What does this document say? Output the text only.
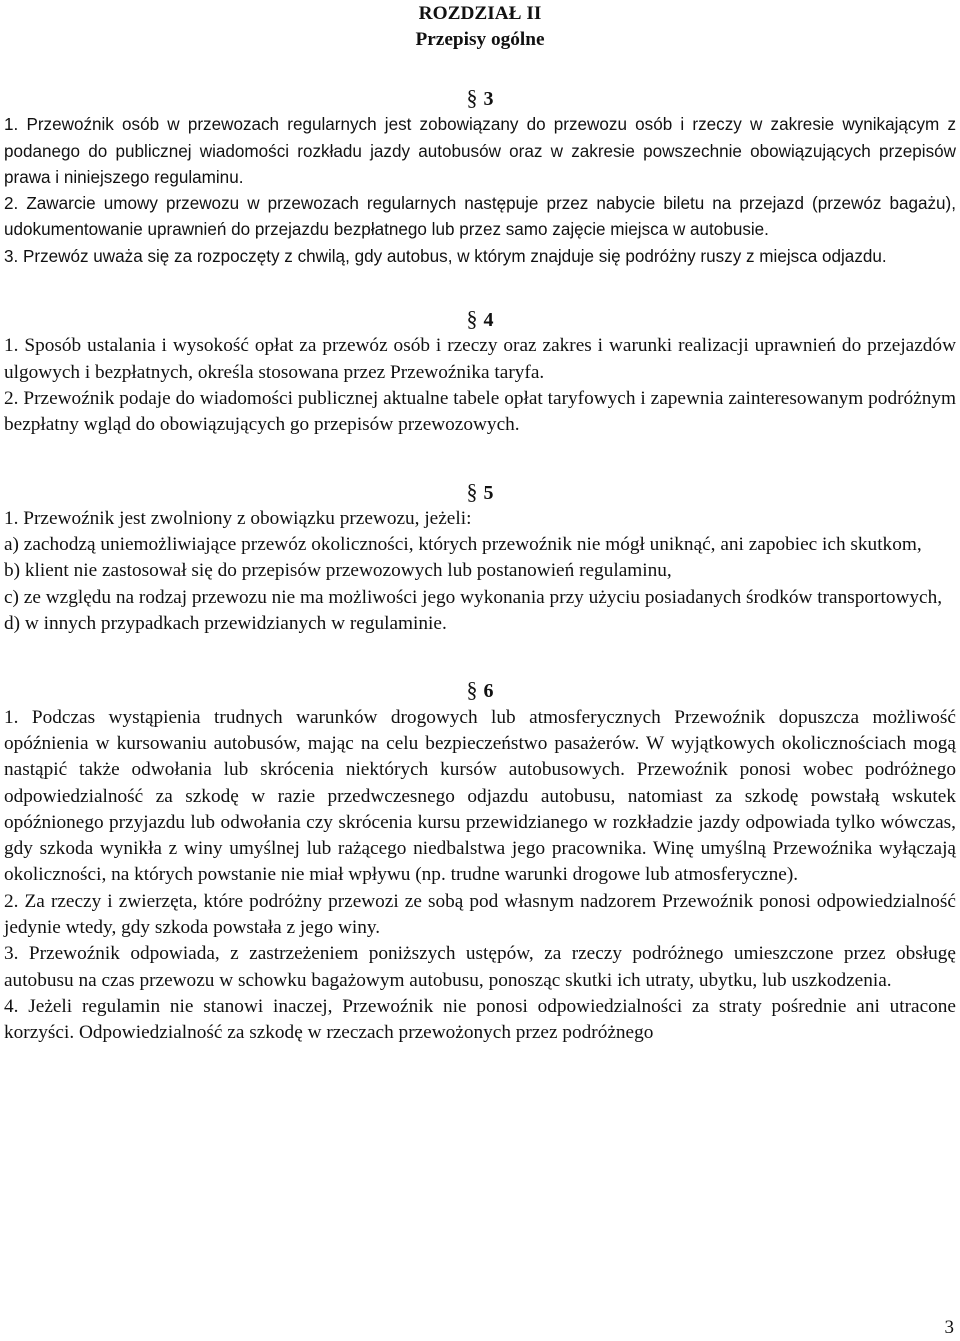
ROZDZIAŁ II
Przepisy ogólne
§ 3

1. Przewoźnik osób w przewozach regularnych jest zobowiązany do przewozu osób i rzeczy w zakresie wynikającym z podanego do publicznej wiadomości rozkładu jazdy autobusów oraz w zakresie powszechnie obowiązujących przepisów prawa i niniejszego regulaminu.

2. Zawarcie umowy przewozu w przewozach regularnych następuje przez nabycie biletu na przejazd (przewóz bagażu), udokumentowanie uprawnień do przejazdu bezpłatnego lub przez samo zajęcie miejsca w autobusie.

3. Przewóz uważa się za rozpoczęty z chwilą, gdy autobus, w którym znajduje się podróżny ruszy z miejsca odjazdu.

§ 4

1. Sposób ustalania i wysokość opłat za przewóz osób i rzeczy oraz zakres i warunki realizacji uprawnień do przejazdów ulgowych i bezpłatnych, określa stosowana przez Przewoźnika taryfa.

2. Przewoźnik podaje do wiadomości publicznej aktualne tabele opłat taryfowych i zapewnia zainteresowanym podróżnym bezpłatny wgląd do obowiązujących go przepisów przewozowych.

§ 5

1. Przewoźnik jest zwolniony z obowiązku przewozu, jeżeli:

a) zachodzą uniemożliwiające przewóz okoliczności, których przewoźnik nie mógł uniknąć, ani zapobiec ich skutkom,

b) klient nie zastosował się do przepisów przewozowych lub postanowień regulaminu,

c) ze względu na rodzaj przewozu nie ma możliwości jego wykonania przy użyciu posiadanych środków transportowych,

d) w innych przypadkach przewidzianych w regulaminie.

§ 6

1. Podczas wystąpienia trudnych warunków drogowych lub atmosferycznych Przewoźnik dopuszcza możliwość opóźnienia w kursowaniu autobusów, mając na celu bezpieczeństwo pasażerów. W wyjątkowych okolicznościach mogą nastąpić także odwołania lub skrócenia niektórych kursów autobusowych. Przewoźnik ponosi wobec podróżnego odpowiedzialność za szkodę w razie przedwczesnego odjazdu autobusu, natomiast za szkodę powstałą wskutek opóźnionego przyjazdu lub odwołania czy skrócenia kursu przewidzianego w rozkładzie jazdy odpowiada tylko wówczas, gdy szkoda wynikła z winy umyślnej lub rażącego niedbalstwa jego pracownika. Winę umyślną Przewoźnika wyłączają okoliczności, na których powstanie nie miał wpływu (np. trudne warunki drogowe lub atmosferyczne).

2. Za rzeczy i zwierzęta, które podróżny przewozi ze sobą pod własnym nadzorem Przewoźnik ponosi odpowiedzialność jedynie wtedy, gdy szkoda powstała z jego winy.

3. Przewoźnik odpowiada, z zastrzeżeniem poniższych ustępów, za rzeczy podróżnego umieszczone przez obsługę autobusu na czas przewozu w schowku bagażowym autobusu, ponosząc skutki ich utraty, ubytku, lub uszkodzenia.

4. Jeżeli regulamin nie stanowi inaczej, Przewoźnik nie ponosi odpowiedzialności za straty pośrednie ani utracone korzyści. Odpowiedzialność za szkodę w rzeczach przewożonych przez podróżnego

3
